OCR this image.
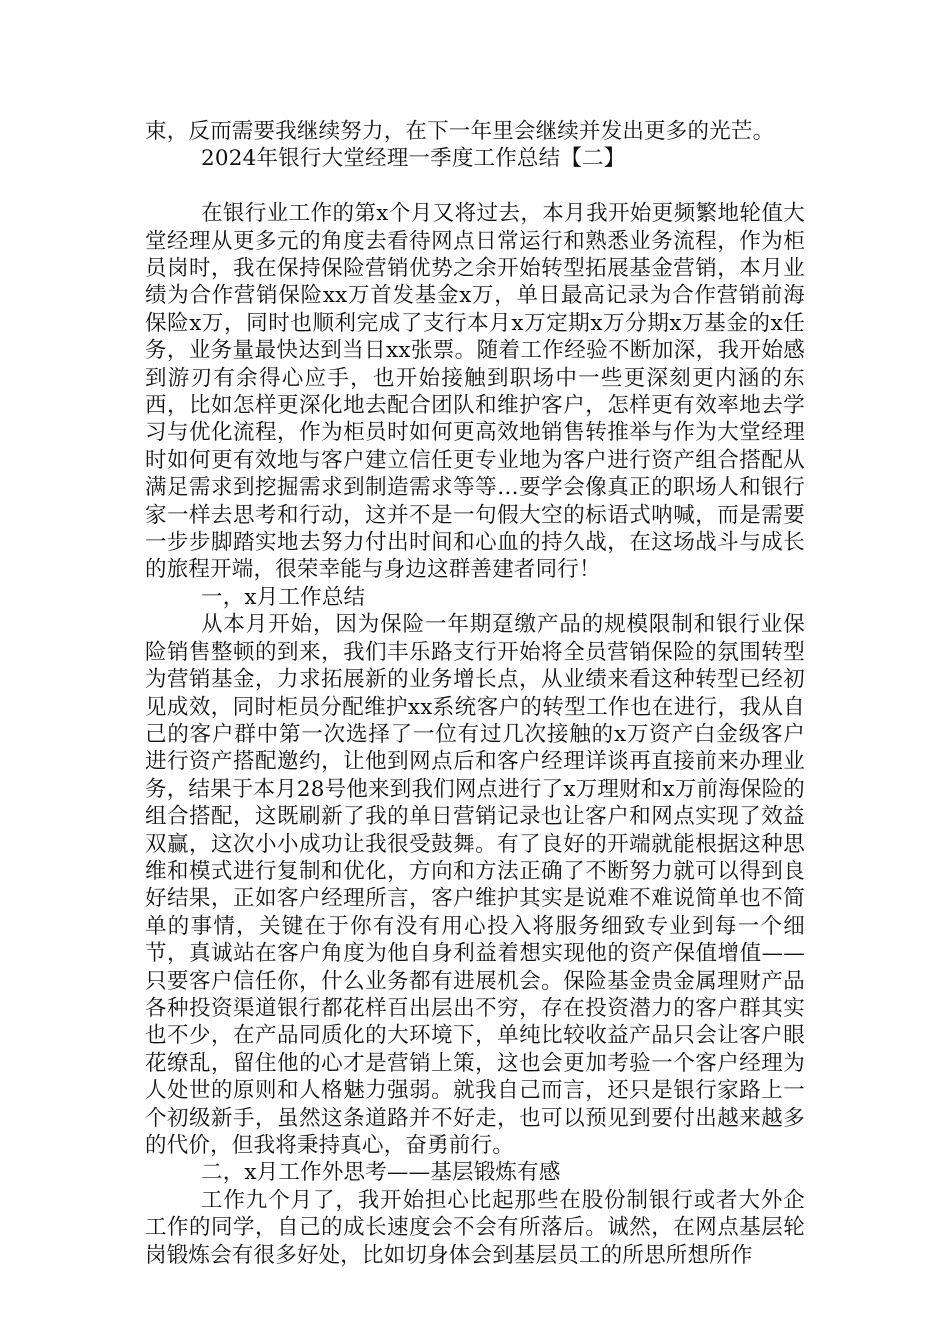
束，反而需要我继续努力，在下一年里会继续并发出更多的光芒。

2024年银行大堂经理一季度工作总结【二】

在银行业工作的第x个月又将过去，本月我开始更频繁地轮值大堂经理从更多元的角度去看待网点日常运行和熟悉业务流程，作为柜员岗时，我在保持保险营销优势之余开始转型拓展基金营销，本月业绩为合作营销保险xx万首发基金x万，单日最高记录为合作营销前海保险x万，同时也顺利完成了支行本月x万定期x万分期x万基金的x任务，业务量最快达到当日xx张票。随着工作经验不断加深，我开始感到游刃有余得心应手，也开始接触到职场中一些更深刻更内涵的东西，比如怎样更深化地去配合团队和维护客户，怎样更有效率地去学习与优化流程，作为柜员时如何更高效地销售转推举与作为大堂经理时如何更有效地与客户建立信任更专业地为客户进行资产组合搭配从满足需求到挖掘需求到制造需求等等…要学会像真正的职场人和银行家一样去思考和行动，这并不是一句假大空的标语式呐喊，而是需要一步步脚踏实地去努力付出时间和心血的持久战，在这场战斗与成长的旅程开端，很荣幸能与身边这群善建者同行！

一，x月工作总结

从本月开始，因为保险一年期趸缴产品的规模限制和银行业保险销售整顿的到来，我们丰乐路支行开始将全员营销保险的氛围转型为营销基金，力求拓展新的业务增长点，从业绩来看这种转型已经初见成效，同时柜员分配维护xx系统客户的转型工作也在进行，我从自己的客户群中第一次选择了一位有过几次接触的x万资产白金级客户进行资产搭配邀约，让他到网点后和客户经理详谈再直接前来办理业务，结果于本月28号他来到我们网点进行了x万理财和x万前海保险的组合搭配，这既刷新了我的单日营销记录也让客户和网点实现了效益双赢，这次小小成功让我很受鼓舞。有了良好的开端就能根据这种思维和模式进行复制和优化，方向和方法正确了不断努力就可以得到良好结果，正如客户经理所言，客户维护其实是说难不难说简单也不简单的事情，关键在于你有没有用心投入将服务细致专业到每一个细节，真诚站在客户角度为他自身利益着想实现他的资产保值增值——只要客户信任你，什么业务都有进展机会。保险基金贵金属理财产品各种投资渠道银行都花样百出层出不穷，存在投资潜力的客户群其实也不少，在产品同质化的大环境下，单纯比较收益产品只会让客户眼花缭乱，留住他的心才是营销上策，这也会更加考验一个客户经理为人处世的原则和人格魅力强弱。就我自己而言，还只是银行家路上一个初级新手，虽然这条道路并不好走，也可以预见到要付出越来越多的代价，但我将秉持真心，奋勇前行。

二，x月工作外思考——基层锻炼有感

工作九个月了，我开始担心比起那些在股份制银行或者大外企工作的同学，自己的成长速度会不会有所落后。诚然，在网点基层轮岗锻炼会有很多好处，比如切身体会到基层员工的所思所想所作
